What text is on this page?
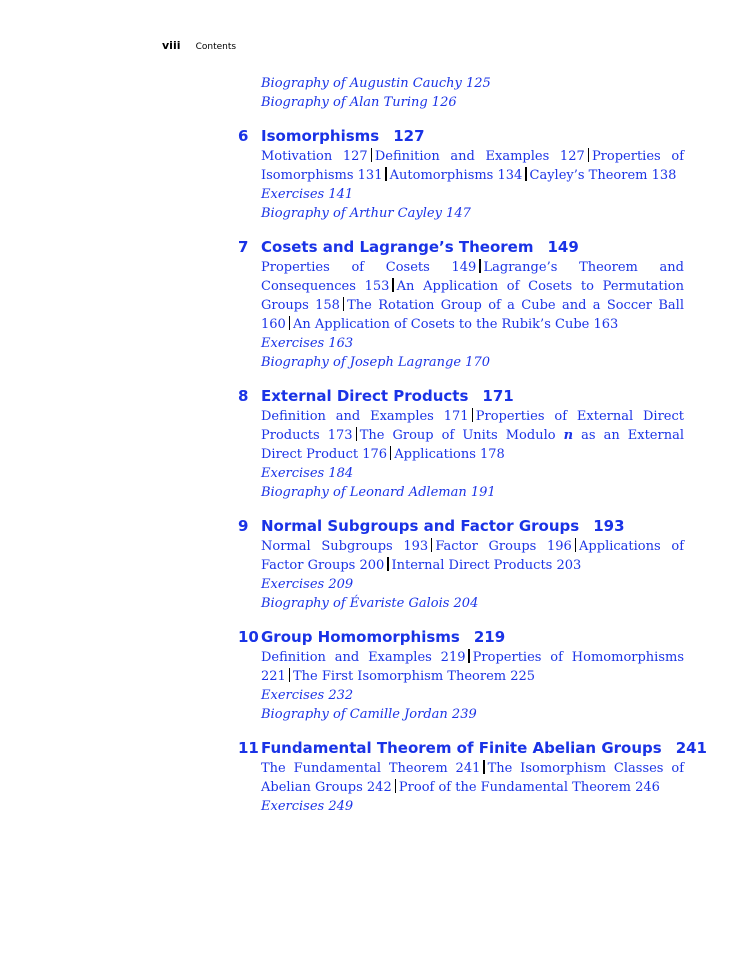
viii Contents
Biography of Augustin Cauchy 125
Biography of Alan Turing 126
6 Isomorphisms 127
Motivation 127 Definition and Examples 127 Properties of Isomorphisms 131 Automorphisms 134 Cayley’s Theorem 138
Exercises 141
Biography of Arthur Cayley 147
7 Cosets and Lagrange’s Theorem 149
Properties of Cosets 149 Lagrange’s Theorem and Consequences 153 An Application of Cosets to Permutation Groups 158 The Rotation Group of a Cube and a Soccer Ball 160 An Application of Cosets to the Rubik’s Cube 163
Exercises 163
Biography of Joseph Lagrange 170
8 External Direct Products 171
Definition and Examples 171 Properties of External Direct Products 173 The Group of Units Modulo n as an External Direct Product 176 Applications 178
Exercises 184
Biography of Leonard Adleman 191
9 Normal Subgroups and Factor Groups 193
Normal Subgroups 193 Factor Groups 196 Applications of Factor Groups 200 Internal Direct Products 203
Exercises 209
Biography of Évariste Galois 204
10 Group Homomorphisms 219
Definition and Examples 219 Properties of Homomorphisms 221 The First Isomorphism Theorem 225
Exercises 232
Biography of Camille Jordan 239
11 Fundamental Theorem of Finite Abelian Groups 241
The Fundamental Theorem 241 The Isomorphism Classes of Abelian Groups 242 Proof of the Fundamental Theorem 246
Exercises 249
